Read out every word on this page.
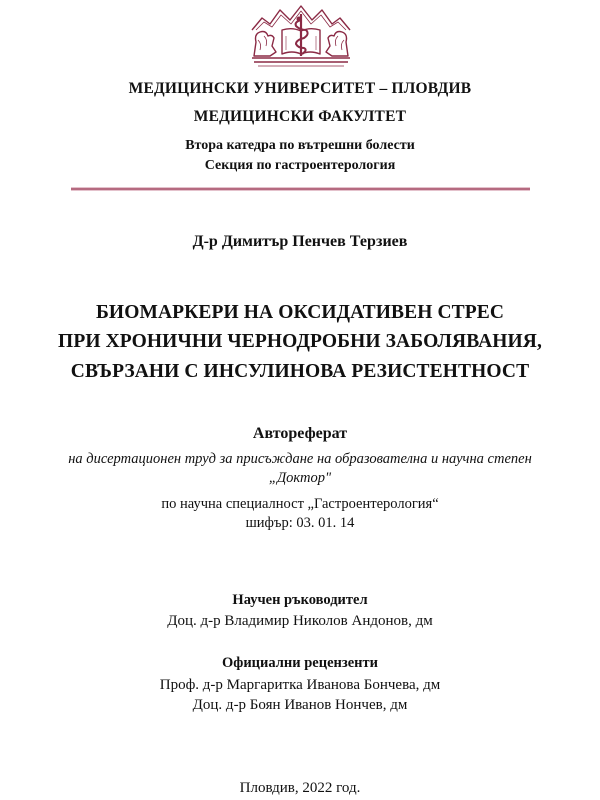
МЕДИЦИНСКИ УНИВЕРСИТЕТ – ПЛОВДИВ
МЕДИЦИНСКИ ФАКУЛТЕТ
Втора катедра по вътрешни болести
Секция по гастроентерология
Д-р Димитър Пенчев Терзиев
БИОМАРКЕРИ НА ОКСИДАТИВЕН СТРЕС
ПРИ ХРОНИЧНИ ЧЕРНОДРОБНИ ЗАБОЛЯВАНИЯ,
СВЪРЗАНИ С ИНСУЛИНОВА РЕЗИСТЕНТНОСТ
Автореферат
на дисертационен труд за присъждане на образователна и научна степен
„Доктор"
по научна специалност „Гастроентерология“
шифър: 03. 01. 14
Научен ръководител
Доц. д-р Владимир Николов Андонов, дм
Официални рецензенти
Проф. д-р Маргаритка Иванова Бончева, дм
Доц. д-р Боян Иванов Нончев, дм
Пловдив, 2022 год.
